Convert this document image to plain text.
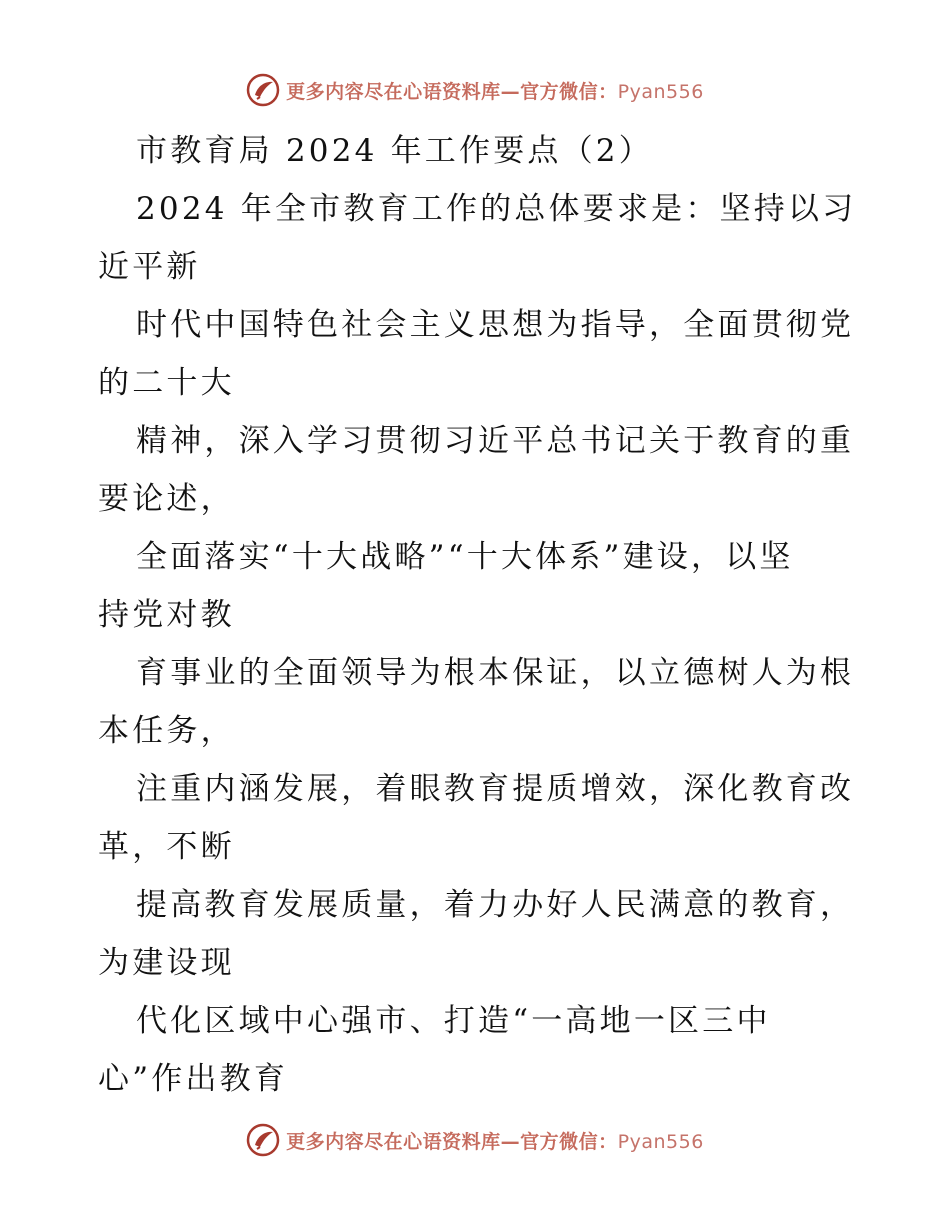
更多内容尽在心语资料库—官方微信：Pyan556
市教育局 2024 年工作要点（2）
2024 年全市教育工作的总体要求是：坚持以习
近平新
时代中国特色社会主义思想为指导，全面贯彻党
的二十大
精神，深入学习贯彻习近平总书记关于教育的重
要论述，
全面落实“十大战略”“十大体系”建设，以坚
持党对教
育事业的全面领导为根本保证，以立德树人为根
本任务，
注重内涵发展，着眼教育提质增效，深化教育改
革，不断
提高教育发展质量，着力办好人民满意的教育，
为建设现
代化区域中心强市、打造“一高地一区三中
心”作出教育
更多内容尽在心语资料库—官方微信：Pyan556
